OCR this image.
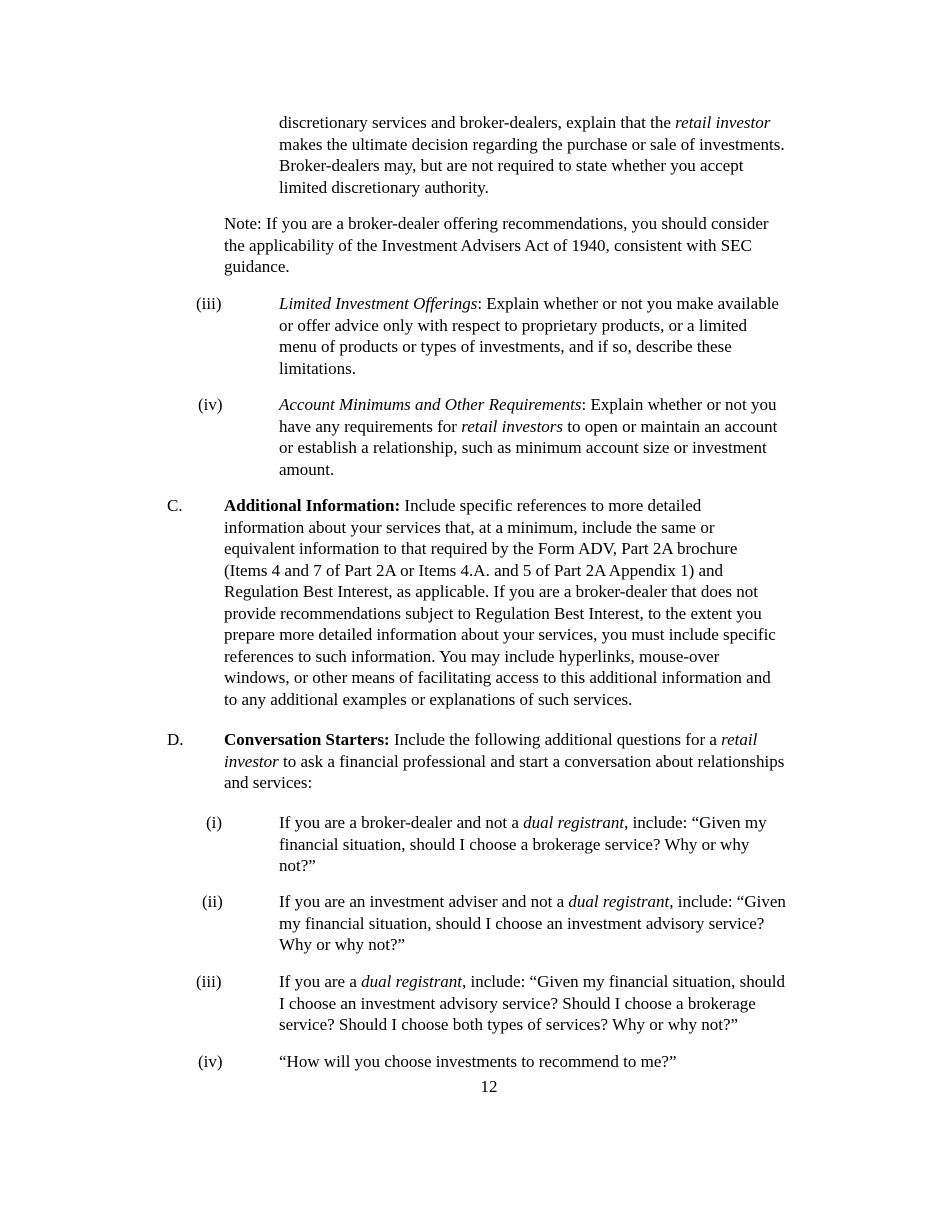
discretionary services and broker-dealers, explain that the retail investor
makes the ultimate decision regarding the purchase or sale of investments.
Broker-dealers may, but are not required to state whether you accept
limited discretionary authority.
Note: If you are a broker-dealer offering recommendations, you should consider
the applicability of the Investment Advisers Act of 1940, consistent with SEC
guidance.
(iii)	Limited Investment Offerings: Explain whether or not you make available
or offer advice only with respect to proprietary products, or a limited
menu of products or types of investments, and if so, describe these
limitations.
(iv)	Account Minimums and Other Requirements: Explain whether or not you
have any requirements for retail investors to open or maintain an account
or establish a relationship, such as minimum account size or investment
amount.
C. Additional Information: Include specific references to more detailed
information about your services that, at a minimum, include the same or
equivalent information to that required by the Form ADV, Part 2A brochure
(Items 4 and 7 of Part 2A or Items 4.A. and 5 of Part 2A Appendix 1) and
Regulation Best Interest, as applicable. If you are a broker-dealer that does not
provide recommendations subject to Regulation Best Interest, to the extent you
prepare more detailed information about your services, you must include specific
references to such information. You may include hyperlinks, mouse-over
windows, or other means of facilitating access to this additional information and
to any additional examples or explanations of such services.
D. Conversation Starters: Include the following additional questions for a retail
investor to ask a financial professional and start a conversation about relationships
and services:
(i)	If you are a broker-dealer and not a dual registrant, include: “Given my
financial situation, should I choose a brokerage service? Why or why
not?”
(ii)	If you are an investment adviser and not a dual registrant, include: “Given
my financial situation, should I choose an investment advisory service?
Why or why not?”
(iii)	If you are a dual registrant, include: “Given my financial situation, should
I choose an investment advisory service? Should I choose a brokerage
service? Should I choose both types of services? Why or why not?”
(iv)	“How will you choose investments to recommend to me?”
12
